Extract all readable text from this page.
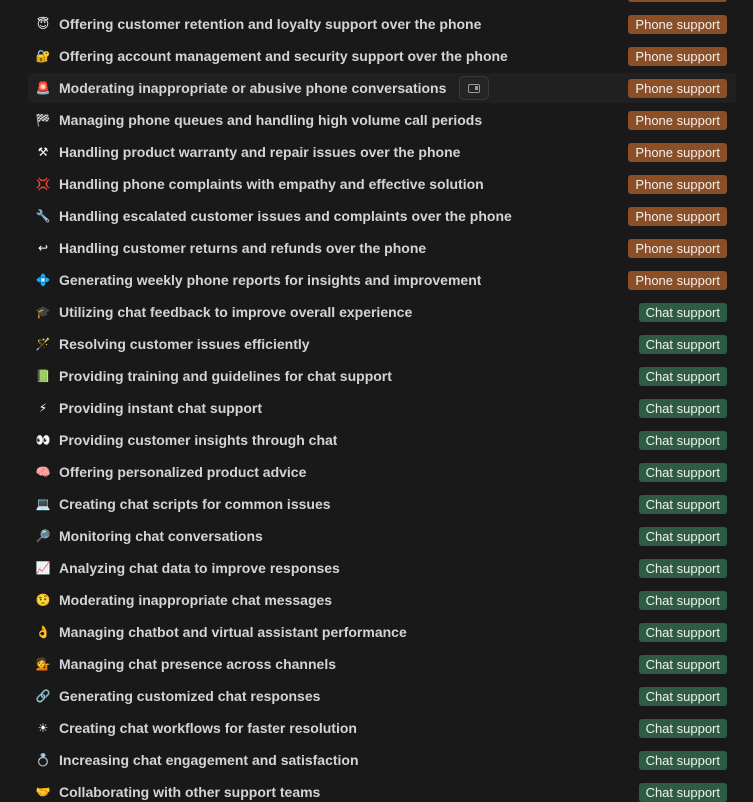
😇 Offering customer retention and loyalty support over the phone	Phone support
🔐 Offering account management and security support over the phone	Phone support
🚨 Moderating inappropriate or abusive phone conversations	Phone support
🏁 Managing phone queues and handling high volume call periods	Phone support
⚒ Handling product warranty and repair issues over the phone	Phone support
💢 Handling phone complaints with empathy and effective solution	Phone support
🔧 Handling escalated customer issues and complaints over the phone	Phone support
↩ Handling customer returns and refunds over the phone	Phone support
💠 Generating weekly phone reports for insights and improvement	Phone support
🎓 Utilizing chat feedback to improve overall experience	Chat support
🪄 Resolving customer issues efficiently	Chat support
📗 Providing training and guidelines for chat support	Chat support
⚡ Providing instant chat support	Chat support
👀 Providing customer insights through chat	Chat support
🧠 Offering personalized product advice	Chat support
💻 Creating chat scripts for common issues	Chat support
🔎 Monitoring chat conversations	Chat support
📈 Analyzing chat data to improve responses	Chat support
🤨 Moderating inappropriate chat messages	Chat support
👌 Managing chatbot and virtual assistant performance	Chat support
💁 Managing chat presence across channels	Chat support
🔗 Generating customized chat responses	Chat support
☀ Creating chat workflows for faster resolution	Chat support
💍 Increasing chat engagement and satisfaction	Chat support
🤝 Collaborating with other support teams	Chat support
